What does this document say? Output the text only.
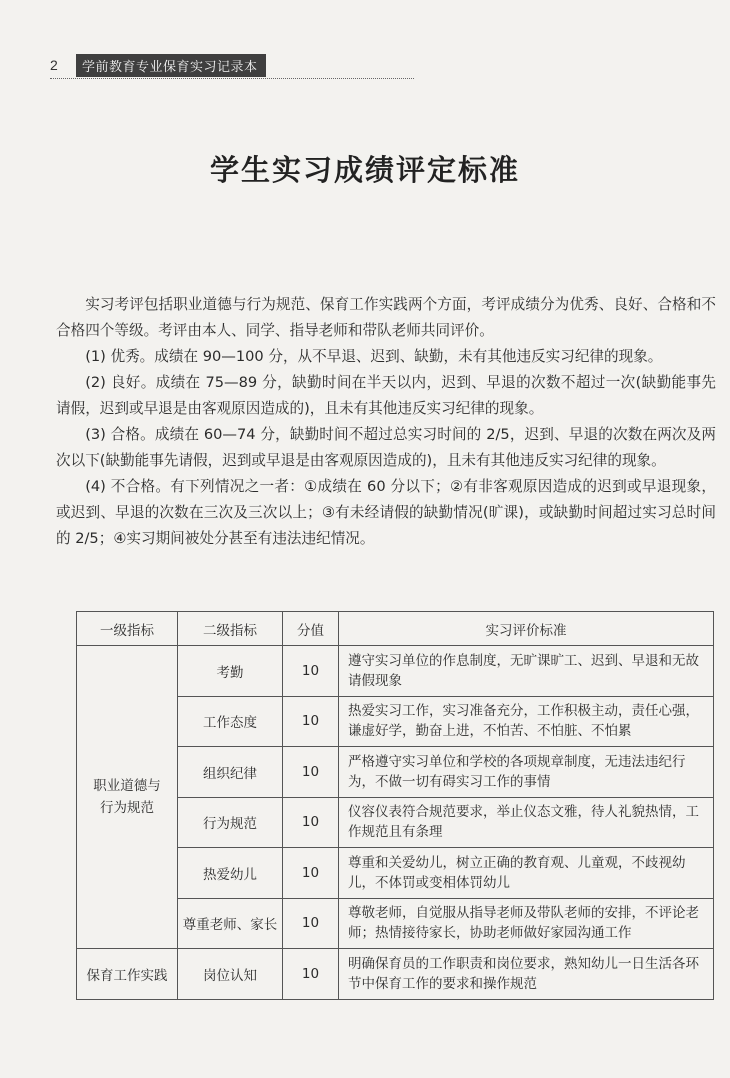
2	学前教育专业保育实习记录本
学生实习成绩评定标准

实习考评包括职业道德与行为规范、保育工作实践两个方面，考评成绩分为优秀、良好、合格和不合格四个等级。考评由本人、同学、指导老师和带队老师共同评价。

(1) 优秀。成绩在 90—100 分，从不早退、迟到、缺勤，未有其他违反实习纪律的现象。

(2) 良好。成绩在 75—89 分，缺勤时间在半天以内，迟到、早退的次数不超过一次(缺勤能事先请假，迟到或早退是由客观原因造成的)，且未有其他违反实习纪律的现象。

(3) 合格。成绩在 60—74 分，缺勤时间不超过总实习时间的 2/5，迟到、早退的次数在两次及两次以下(缺勤能事先请假，迟到或早退是由客观原因造成的)，且未有其他违反实习纪律的现象。

(4) 不合格。有下列情况之一者：①成绩在 60 分以下；②有非客观原因造成的迟到或早退现象，或迟到、早退的次数在三次及三次以上；③有未经请假的缺勤情况(旷课)，或缺勤时间超过实习总时间的 2/5；④实习期间被处分甚至有违法违纪情况。

一级指标	二级指标	分值	实习评价标准
职业道德与行为规范	考勤	10	遵守实习单位的作息制度，无旷课旷工、迟到、早退和无故请假现象
	工作态度	10	热爱实习工作，实习准备充分，工作积极主动，责任心强，谦虚好学，勤奋上进，不怕苦、不怕脏、不怕累
	组织纪律	10	严格遵守实习单位和学校的各项规章制度，无违法违纪行为，不做一切有碍实习工作的事情
	行为规范	10	仪容仪表符合规范要求，举止仪态文雅，待人礼貌热情，工作规范且有条理
	热爱幼儿	10	尊重和关爱幼儿，树立正确的教育观、儿童观，不歧视幼儿，不体罚或变相体罚幼儿
	尊重老师、家长	10	尊敬老师，自觉服从指导老师及带队老师的安排，不评论老师；热情接待家长，协助老师做好家园沟通工作
保育工作实践	岗位认知	10	明确保育员的工作职责和岗位要求，熟知幼儿一日生活各环节中保育工作的要求和操作规范
